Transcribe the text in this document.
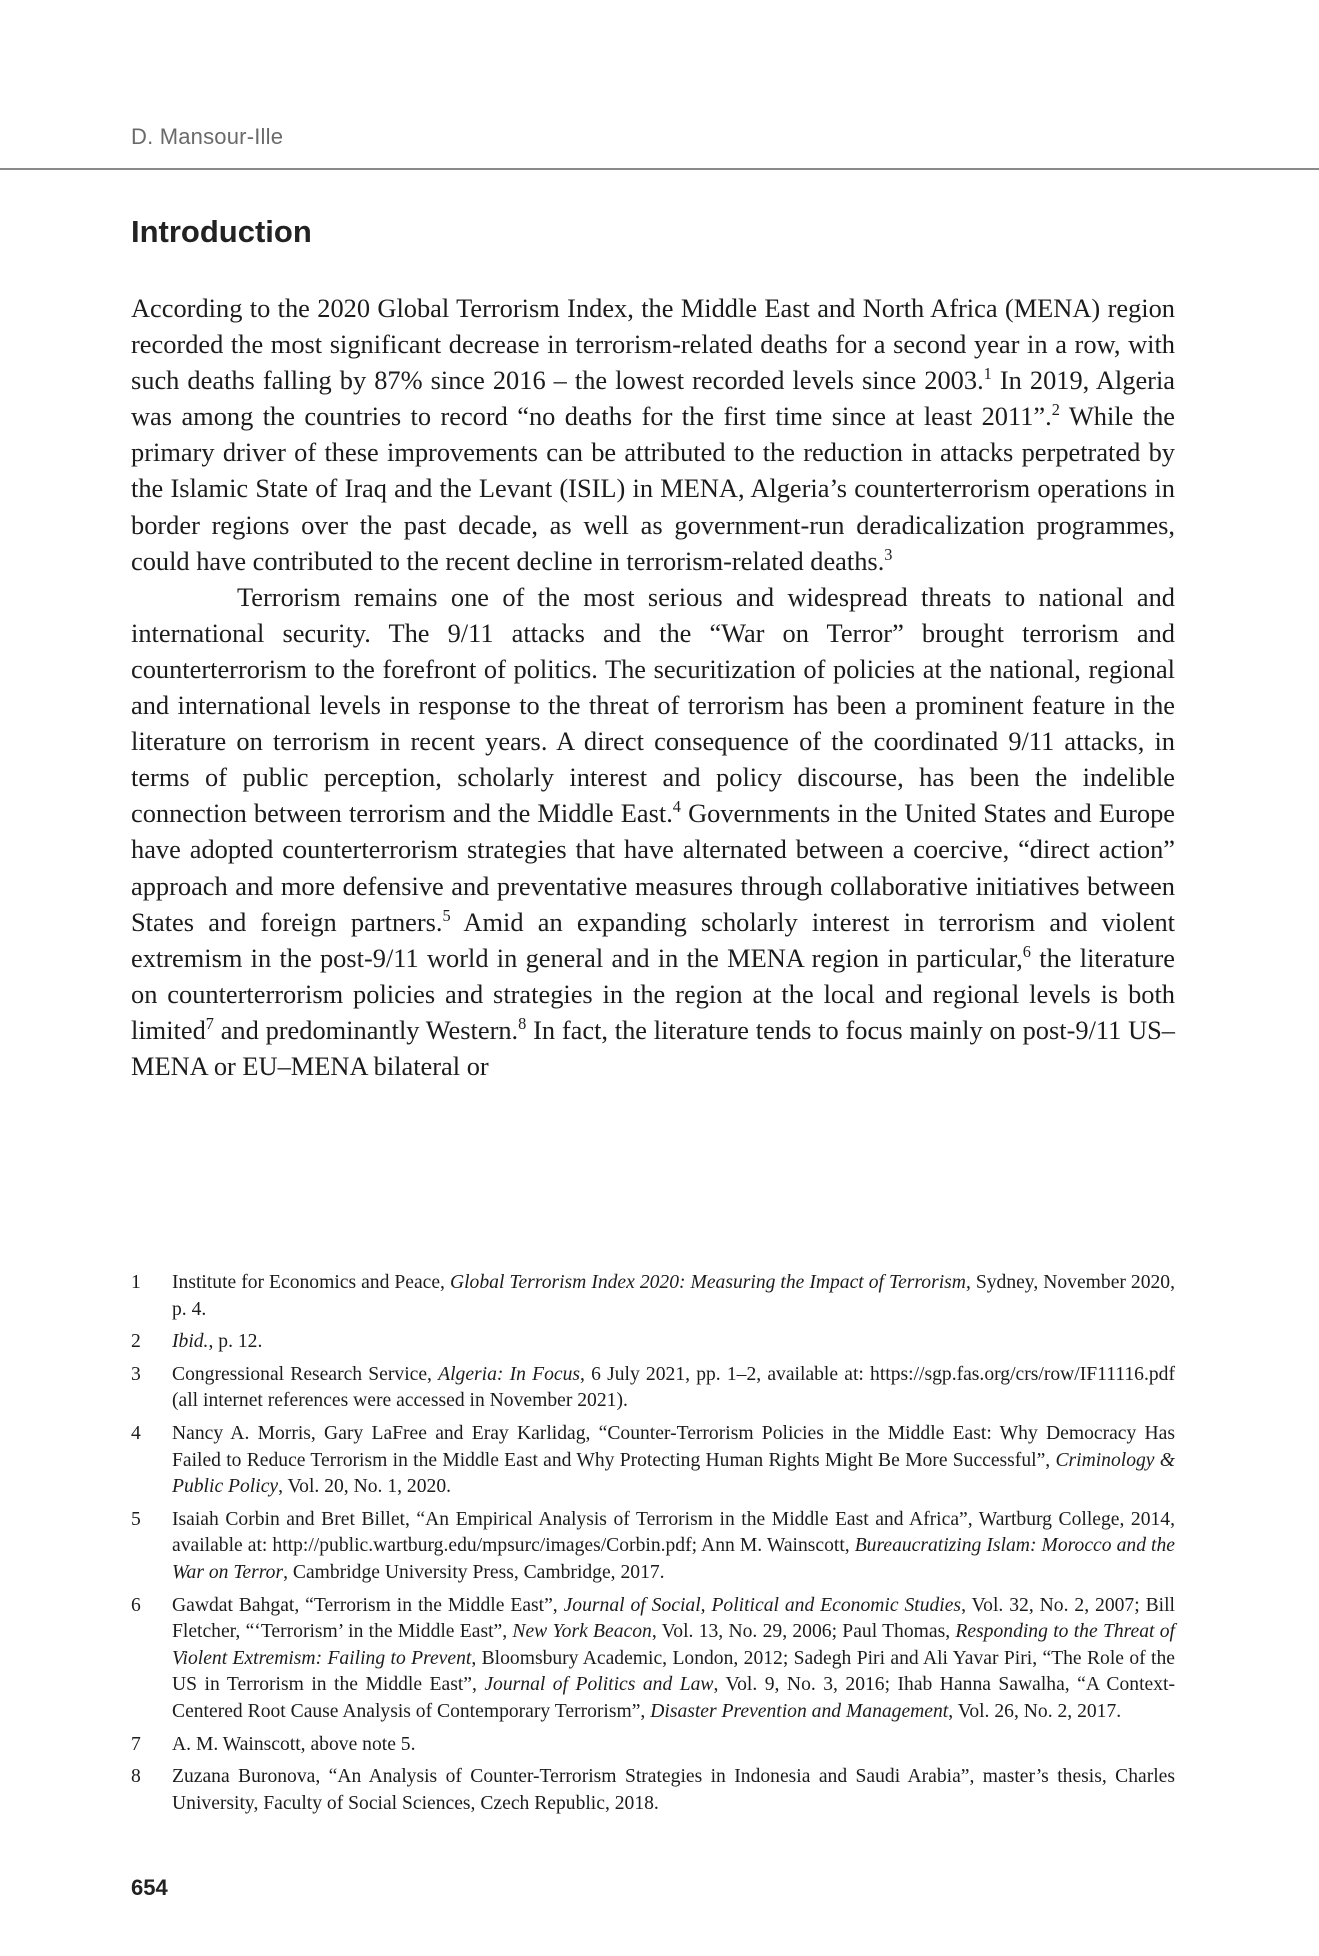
D. Mansour-Ille
Introduction

According to the 2020 Global Terrorism Index, the Middle East and North Africa (MENA) region recorded the most significant decrease in terrorism-related deaths for a second year in a row, with such deaths falling by 87% since 2016 – the lowest recorded levels since 2003.$^1$ In 2019, Algeria was among the countries to record “no deaths for the first time since at least 2011”.$^2$ While the primary driver of these improvements can be attributed to the reduction in attacks perpetrated by the Islamic State of Iraq and the Levant (ISIL) in MENA, Algeria’s counterterrorism operations in border regions over the past decade, as well as government-run deradicalization programmes, could have contributed to the recent decline in terrorism-related deaths.$^3$

Terrorism remains one of the most serious and widespread threats to national and international security. The 9/11 attacks and the “War on Terror” brought terrorism and counterterrorism to the forefront of politics. The securitization of policies at the national, regional and international levels in response to the threat of terrorism has been a prominent feature in the literature on terrorism in recent years. A direct consequence of the coordinated 9/11 attacks, in terms of public perception, scholarly interest and policy discourse, has been the indelible connection between terrorism and the Middle East.$^4$ Governments in the United States and Europe have adopted counterterrorism strategies that have alternated between a coercive, “direct action” approach and more defensive and preventative measures through collaborative initiatives between States and foreign partners.$^5$ Amid an expanding scholarly interest in terrorism and violent extremism in the post-9/11 world in general and in the MENA region in particular,$^6$ the literature on counterterrorism policies and strategies in the region at the local and regional levels is both limited$^7$ and predominantly Western.$^8$ In fact, the literature tends to focus mainly on post-9/11 US–MENA or EU–MENA bilateral or

1 Institute for Economics and Peace, Global Terrorism Index 2020: Measuring the Impact of Terrorism, Sydney, November 2020, p. 4.
2 Ibid., p. 12.
3 Congressional Research Service, Algeria: In Focus, 6 July 2021, pp. 1–2, available at: https://sgp.fas.org/crs/row/IF11116.pdf (all internet references were accessed in November 2021).
4 Nancy A. Morris, Gary LaFree and Eray Karlidag, “Counter-Terrorism Policies in the Middle East: Why Democracy Has Failed to Reduce Terrorism in the Middle East and Why Protecting Human Rights Might Be More Successful”, Criminology & Public Policy, Vol. 20, No. 1, 2020.
5 Isaiah Corbin and Bret Billet, “An Empirical Analysis of Terrorism in the Middle East and Africa”, Wartburg College, 2014, available at: http://public.wartburg.edu/mpsurc/images/Corbin.pdf; Ann M. Wainscott, Bureaucratizing Islam: Morocco and the War on Terror, Cambridge University Press, Cambridge, 2017.
6 Gawdat Bahgat, “Terrorism in the Middle East”, Journal of Social, Political and Economic Studies, Vol. 32, No. 2, 2007; Bill Fletcher, “‘Terrorism’ in the Middle East”, New York Beacon, Vol. 13, No. 29, 2006; Paul Thomas, Responding to the Threat of Violent Extremism: Failing to Prevent, Bloomsbury Academic, London, 2012; Sadegh Piri and Ali Yavar Piri, “The Role of the US in Terrorism in the Middle East”, Journal of Politics and Law, Vol. 9, No. 3, 2016; Ihab Hanna Sawalha, “A Context-Centered Root Cause Analysis of Contemporary Terrorism”, Disaster Prevention and Management, Vol. 26, No. 2, 2017.
7 A. M. Wainscott, above note 5.
8 Zuzana Buronova, “An Analysis of Counter-Terrorism Strategies in Indonesia and Saudi Arabia”, master’s thesis, Charles University, Faculty of Social Sciences, Czech Republic, 2018.
654
